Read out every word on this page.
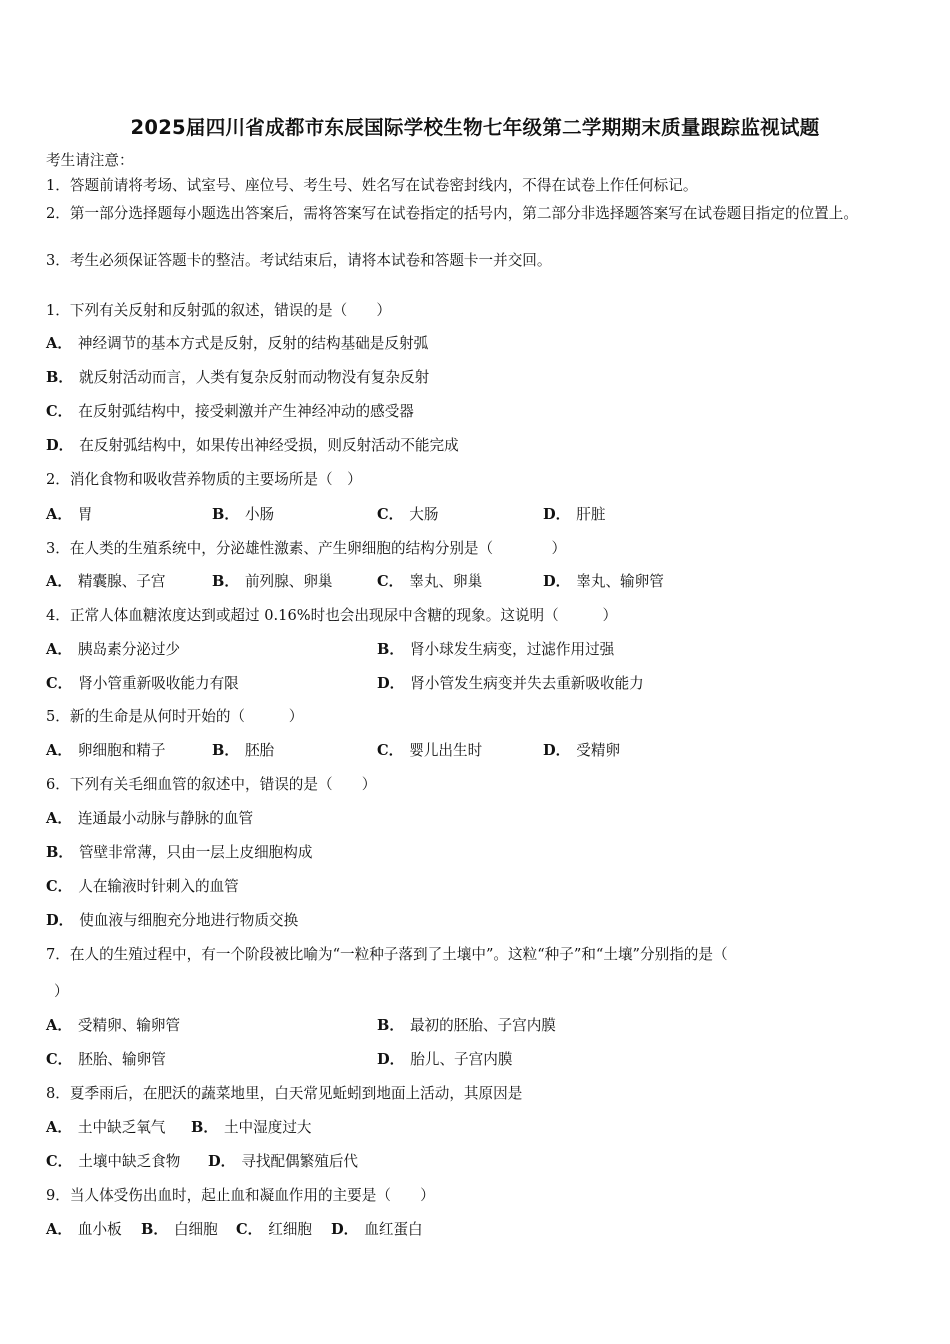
2025届四川省成都市东辰国际学校生物七年级第二学期期末质量跟踪监视试题
考生请注意：
1．答题前请将考场、试室号、座位号、考生号、姓名写在试卷密封线内，不得在试卷上作任何标记。
2．第一部分选择题每小题选出答案后，需将答案写在试卷指定的括号内，第二部分非选择题答案写在试卷题目指定的位置上。
3．考生必须保证答题卡的整洁。考试结束后，请将本试卷和答题卡一并交回。
1．下列有关反射和反射弧的叙述，错误的是（　　）
A． 神经调节的基本方式是反射，反射的结构基础是反射弧
B． 就反射活动而言，人类有复杂反射而动物没有复杂反射
C． 在反射弧结构中，接受刺激并产生神经冲动的感受器
D． 在反射弧结构中，如果传出神经受损，则反射活动不能完成
2．消化食物和吸收营养物质的主要场所是（　）
A． 胃	B． 小肠	C． 大肠	D． 肝脏
3．在人类的生殖系统中，分泌雄性激素、产生卵细胞的结构分别是（　　　　）
A． 精囊腺、子宫	B． 前列腺、卵巢	C． 睾丸、卵巢	D． 睾丸、输卵管
4．正常人体血糖浓度达到或超过 0.16%时也会出现尿中含糖的现象。这说明（　　　）
A． 胰岛素分泌过少	B． 肾小球发生病变，过滤作用过强
C． 肾小管重新吸收能力有限	D． 肾小管发生病变并失去重新吸收能力
5．新的生命是从何时开始的（　　　）
A． 卵细胞和精子	B． 胚胎	C． 婴儿出生时	D． 受精卵
6．下列有关毛细血管的叙述中，错误的是（　　）
A． 连通最小动脉与静脉的血管
B． 管壁非常薄，只由一层上皮细胞构成
C． 人在输液时针刺入的血管
D． 使血液与细胞充分地进行物质交换
7．在人的生殖过程中，有一个阶段被比喻为“一粒种子落到了土壤中”。这粒“种子”和“土壤”分别指的是（
）
A． 受精卵、输卵管	B． 最初的胚胎、子宫内膜
C． 胚胎、输卵管	D． 胎儿、子宫内膜
8．夏季雨后，在肥沃的蔬菜地里，白天常见蚯蚓到地面上活动，其原因是
A． 土中缺乏氧气 B． 土中湿度过大
C． 土壤中缺乏食物 D． 寻找配偶繁殖后代
9．当人体受伤出血时，起止血和凝血作用的主要是（　　）
A． 血小板 B． 白细胞 C． 红细胞 D． 血红蛋白
